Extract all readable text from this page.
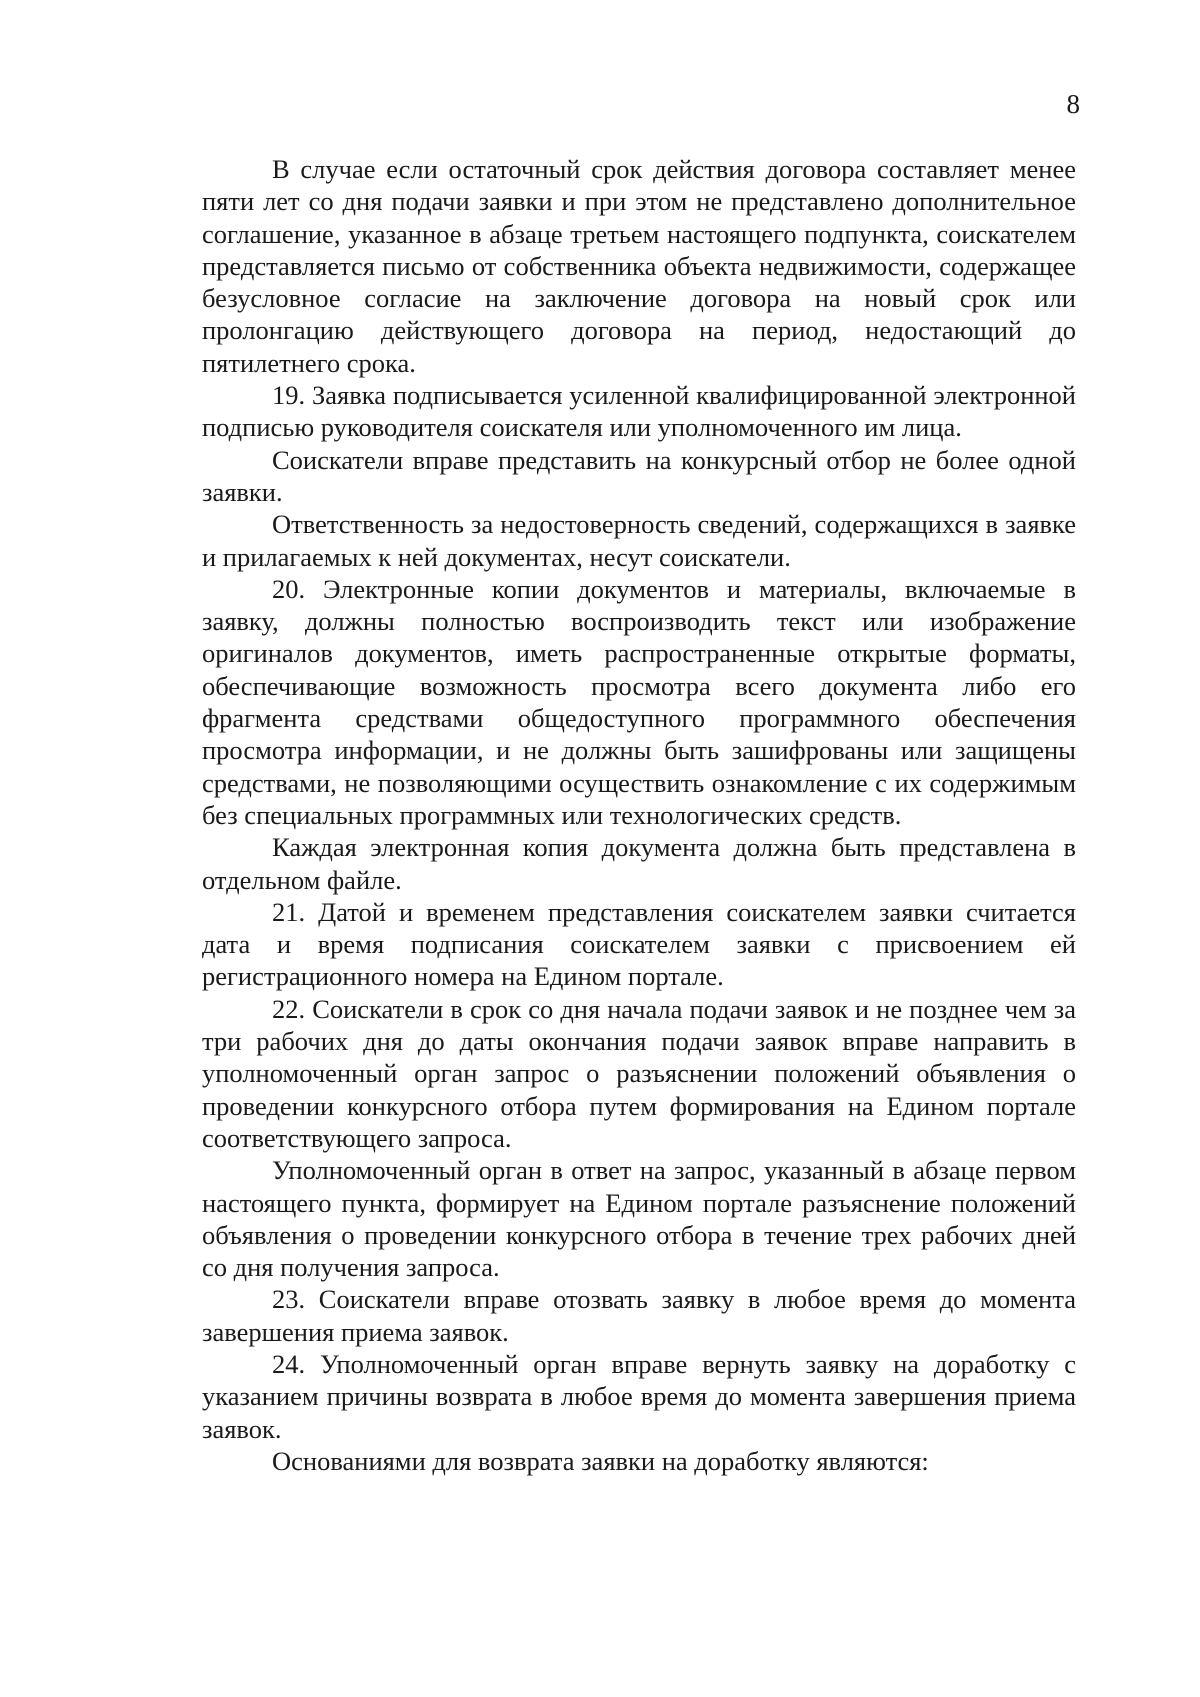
8

В случае если остаточный срок действия договора составляет менее пяти лет со дня подачи заявки и при этом не представлено дополнительное соглашение, указанное в абзаце третьем настоящего подпункта, соискателем представляется письмо от собственника объекта недвижимости, содержащее безусловное согласие на заключение договора на новый срок или пролонгацию действующего договора на период, недостающий до пятилетнего срока.

19. Заявка подписывается усиленной квалифицированной электронной подписью руководителя соискателя или уполномоченного им лица.

Соискатели вправе представить на конкурсный отбор не более одной заявки.

Ответственность за недостоверность сведений, содержащихся в заявке и прилагаемых к ней документах, несут соискатели.

20. Электронные копии документов и материалы, включаемые в заявку, должны полностью воспроизводить текст или изображение оригиналов документов, иметь распространенные открытые форматы, обеспечивающие возможность просмотра всего документа либо его фрагмента средствами общедоступного программного обеспечения просмотра информации, и не должны быть зашифрованы или защищены средствами, не позволяющими осуществить ознакомление с их содержимым без специальных программных или технологических средств.

Каждая электронная копия документа должна быть представлена в отдельном файле.

21. Датой и временем представления соискателем заявки считается дата и время подписания соискателем заявки с присвоением ей регистрационного номера на Едином портале.

22. Соискатели в срок со дня начала подачи заявок и не позднее чем за три рабочих дня до даты окончания подачи заявок вправе направить в уполномоченный орган запрос о разъяснении положений объявления о проведении конкурсного отбора путем формирования на Едином портале соответствующего запроса.

Уполномоченный орган в ответ на запрос, указанный в абзаце первом настоящего пункта, формирует на Едином портале разъяснение положений объявления о проведении конкурсного отбора в течение трех рабочих дней со дня получения запроса.

23. Соискатели вправе отозвать заявку в любое время до момента завершения приема заявок.

24. Уполномоченный орган вправе вернуть заявку на доработку с указанием причины возврата в любое время до момента завершения приема заявок.

Основаниями для возврата заявки на доработку являются:
